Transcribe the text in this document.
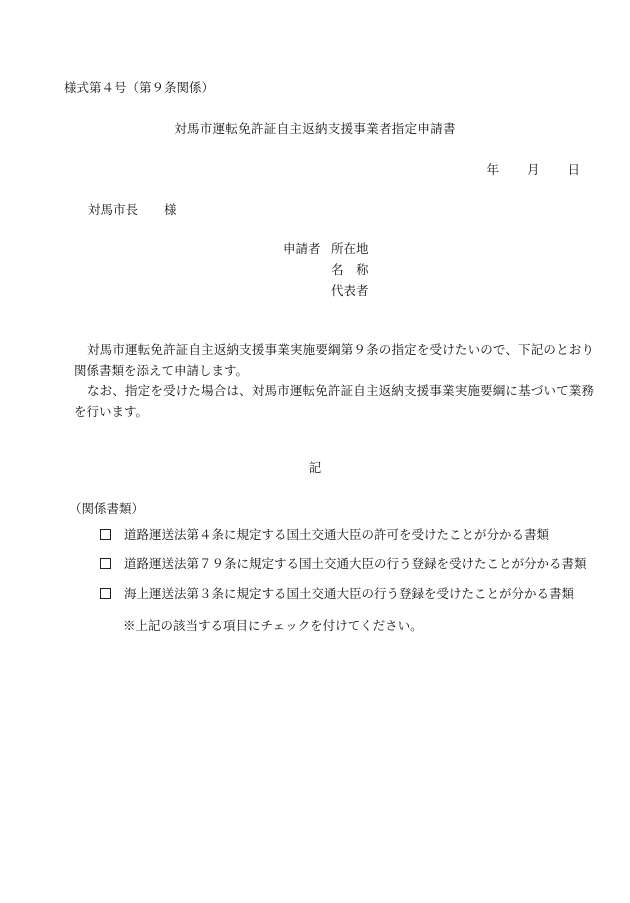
様式第４号（第９条関係）
対馬市運転免許証自主返納支援事業者指定申請書
年 月 日
対馬市長 様
申請者 所在地
名　称
代表者
対馬市運転免許証自主返納支援事業実施要綱第９条の指定を受けたいので、下記のとおり関係書類を添えて申請します。
なお、指定を受けた場合は、対馬市運転免許証自主返納支援事業実施要綱に基づいて業務を行います。
記
（関係書類）
道路運送法第４条に規定する国土交通大臣の許可を受けたことが分かる書類
道路運送法第７９条に規定する国土交通大臣の行う登録を受けたことが分かる書類
海上運送法第３条に規定する国土交通大臣の行う登録を受けたことが分かる書類
※上記の該当する項目にチェックを付けてください。
